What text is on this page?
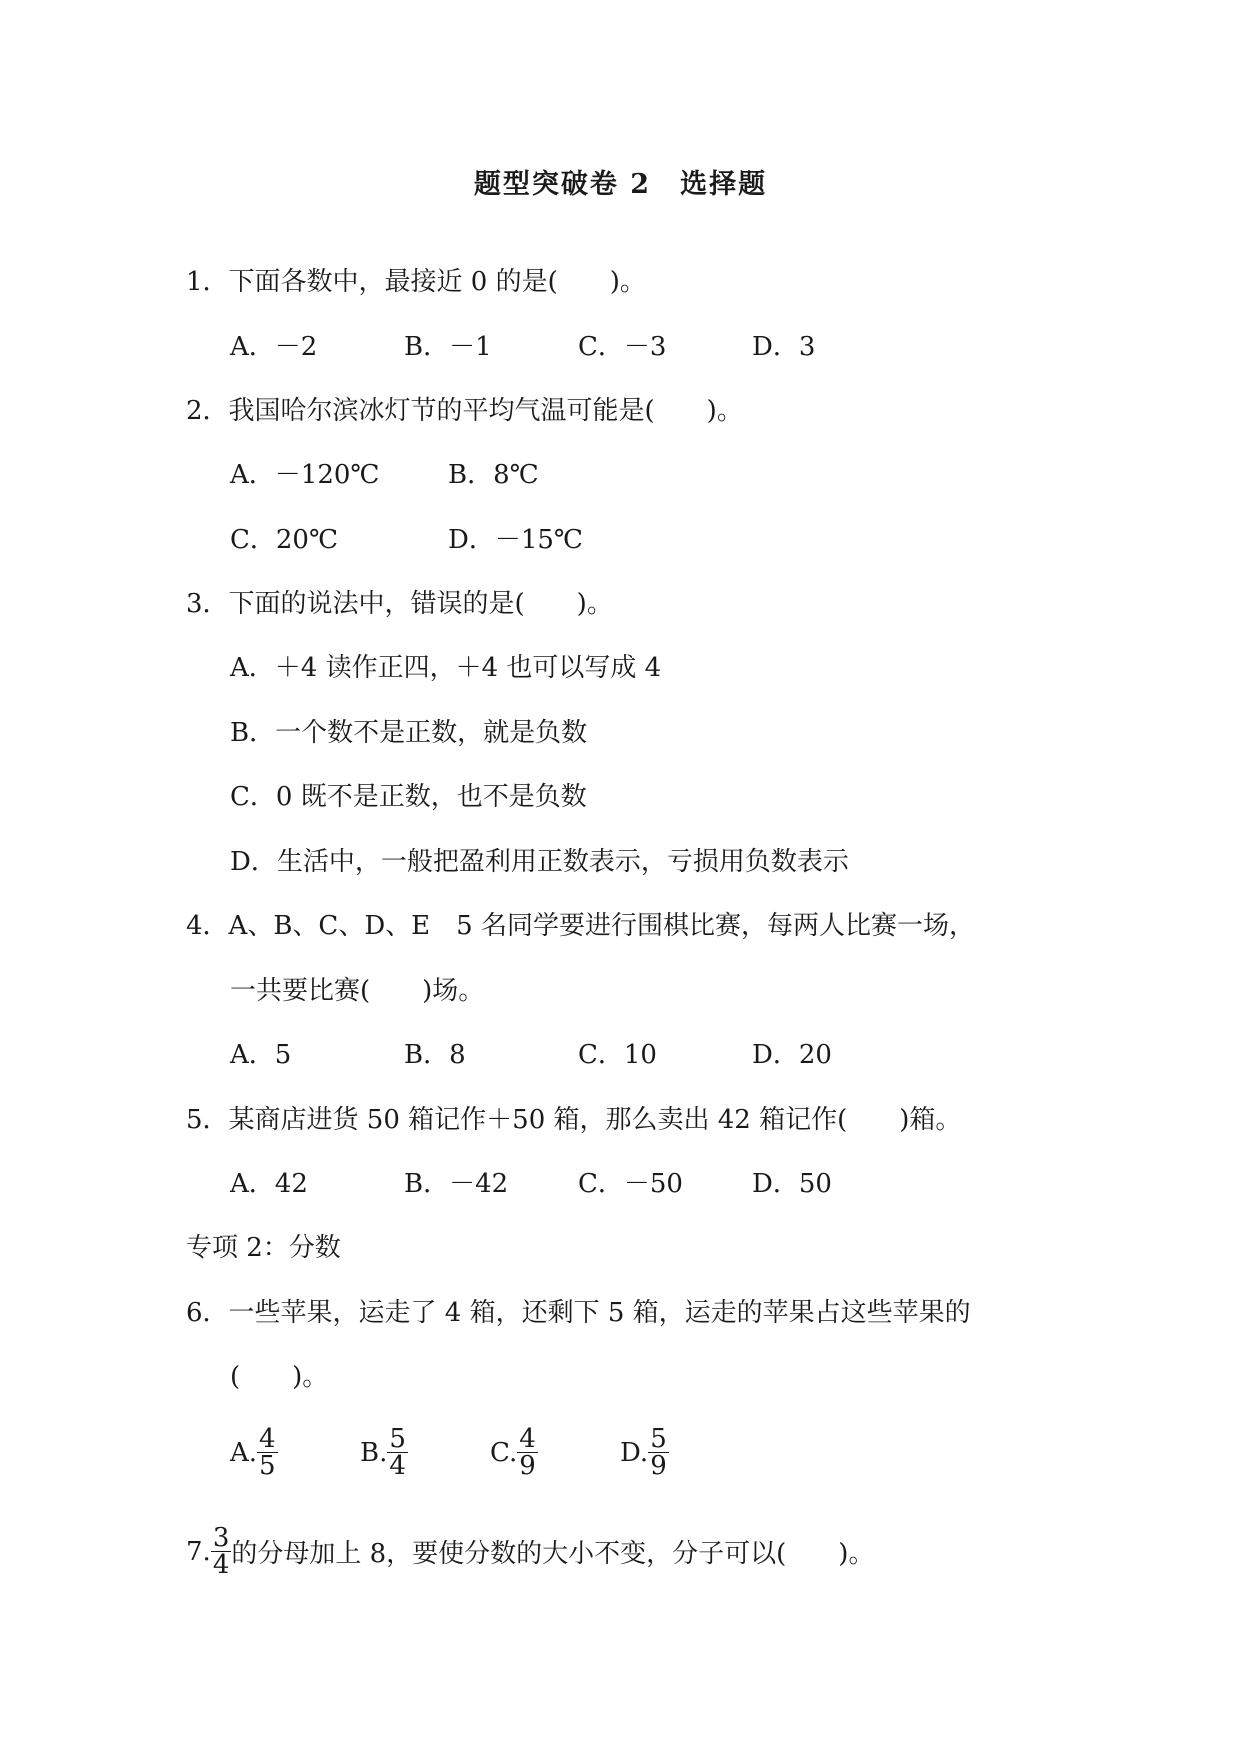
题型突破卷 2　选择题
1．下面各数中，最接近 0 的是(　　)。
A．－2	B．－1	C．－3	D．3
2．我国哈尔滨冰灯节的平均气温可能是(　　)。
A．－120℃	B．8℃
C．20℃	D．－15℃
3．下面的说法中，错误的是(　　)。
A．＋4 读作正四，＋4 也可以写成 4
B．一个数不是正数，就是负数
C．0 既不是正数，也不是负数
D．生活中，一般把盈利用正数表示，亏损用负数表示
4．A、B、C、D、E　5 名同学要进行围棋比赛，每两人比赛一场，
一共要比赛(　　)场。
A．5	B．8	C．10	D．20
5．某商店进货 50 箱记作＋50 箱，那么卖出 42 箱记作(　　)箱。
A．42	B．－42	C．－50	D．50
专项 2：分数
6．一些苹果，运走了 4 箱，还剩下 5 箱，运走的苹果占这些苹果的
(　　)。
A. $\frac{4}{5}$	B. $\frac{5}{4}$	C. $\frac{4}{9}$	D. $\frac{5}{9}$
7. $\frac{3}{4}$ 的分母加上 8，要使分数的大小不变，分子可以(　　)。
